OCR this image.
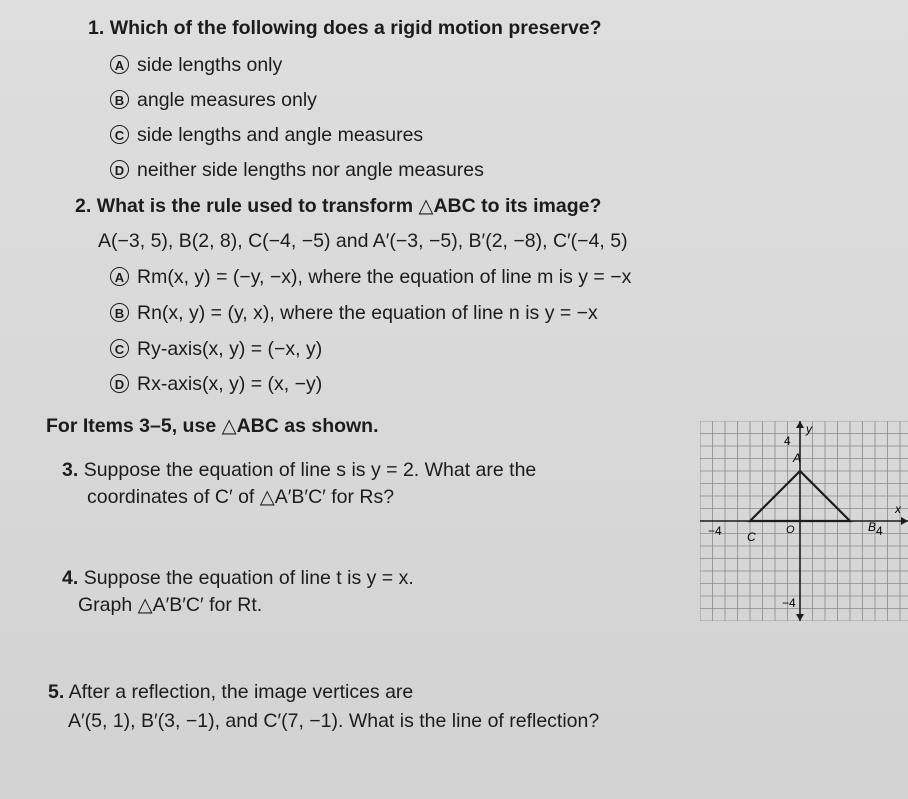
1. Which of the following does a rigid motion preserve?
A side lengths only
B angle measures only
C side lengths and angle measures
D neither side lengths nor angle measures
2. What is the rule used to transform △ABC to its image?
A(−3, 5), B(2, 8), C(−4, −5) and A′(−3, −5), B′(2, −8), C′(−4, 5)
A Rm(x, y) = (−y, −x), where the equation of line m is y = −x
B Rn(x, y) = (y, x), where the equation of line n is y = −x
C Ry-axis(x, y) = (−x, y)
D Rx-axis(x, y) = (x, −y)
For Items 3–5, use △ABC as shown.
3. Suppose the equation of line s is y = 2. What are the
coordinates of C′ of △A′B′C′ for Rs?
4. Suppose the equation of line t is y = x.
Graph △A′B′C′ for Rt.
5. After a reflection, the image vertices are
A′(5, 1), B′(3, −1), and C′(7, −1). What is the line of reflection?
A
B
C
x
y
−4	4
4
−4
O
